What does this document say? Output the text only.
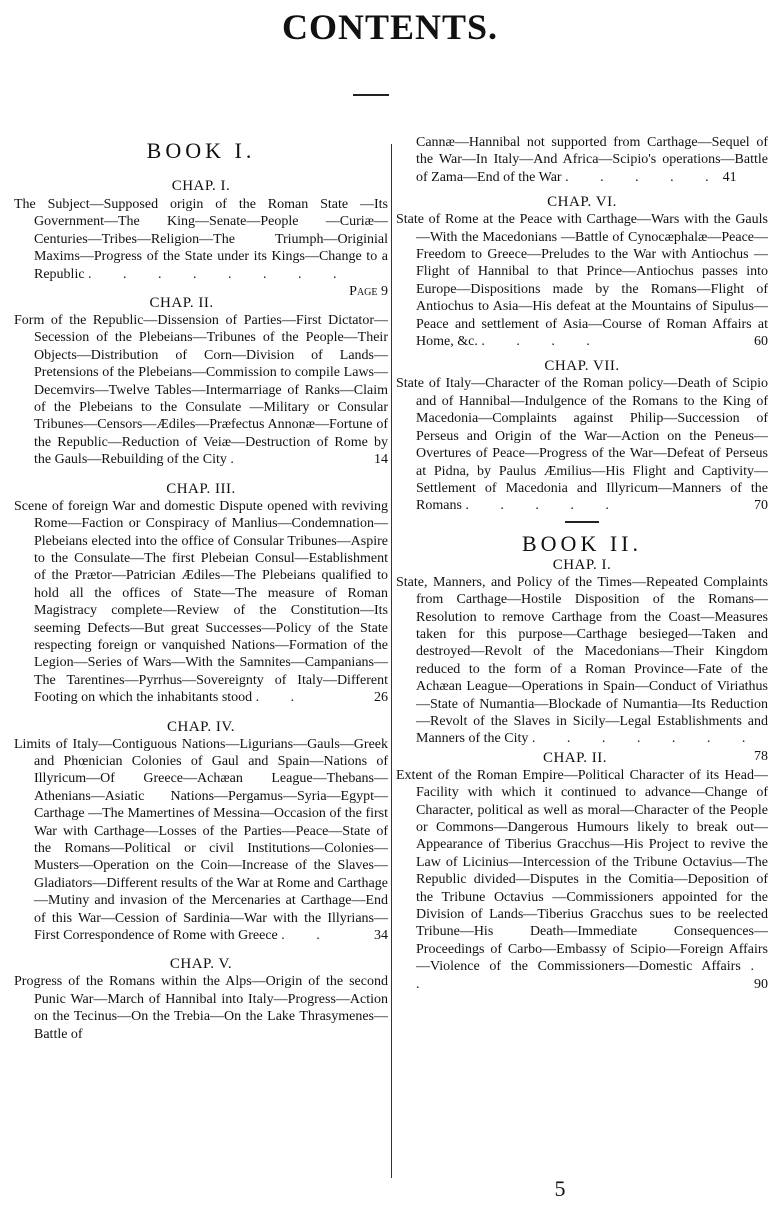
CONTENTS.
BOOK I.
CHAP. I.

The Subject—Supposed origin of the Roman State —Its Government—The King—Senate—People —Curiæ—Centuries—Tribes—Religion—The Triumph—Originial Maxims—Progress of the State under its Kings—Change to a Republic . . . . . . . .
Page 9

CHAP. II.

Form of the Republic—Dissension of Parties—First Dictator—Secession of the Plebeians—Tribunes of the People—Their Objects—Distribution of Corn—Division of Lands—Pretensions of the Plebeians—Commission to compile Laws—Decemvirs—Twelve Tables—Intermarriage of Ranks—Claim of the Plebeians to the Consulate —Military or Consular Tribunes—Censors—Ædiles—Præfectus Annonæ—Fortune of the Republic—Reduction of Veiæ—Destruction of Rome by the Gauls—Rebuilding of the City .	14

CHAP. III.

Scene of foreign War and domestic Dispute opened with reviving Rome—Faction or Conspiracy of Manlius—Condemnation—Plebeians elected into the office of Consular Tribunes—Aspire to the Consulate—The first Plebeian Consul—Establishment of the Prætor—Patrician Ædiles—The Plebeians qualified to hold all the offices of State—The measure of Roman Magistracy complete—Review of the Constitution—Its seeming Defects—But great Successes—Policy of the State respecting foreign or vanquished Nations—Formation of the Legion—Series of Wars—With the Samnites—Campanians—The Tarentines—Pyrrhus—Sovereignty of Italy—Different Footing on which the inhabitants stood . .	26

CHAP. IV.

Limits of Italy—Contiguous Nations—Ligurians—Gauls—Greek and Phœnician Colonies of Gaul and Spain—Nations of Illyricum—Of Greece—Achæan League—Thebans—Athenians—Asiatic Nations—Pergamus—Syria—Egypt—Carthage —The Mamertines of Messina—Occasion of the first War with Carthage—Losses of the Parties—Peace—State of the Romans—Political or civil Institutions—Colonies—Musters—Operation on the Coin—Increase of the Slaves—Gladiators—Different results of the War at Rome and Carthage—Mutiny and invasion of the Mercenaries at Carthage—End of this War—Cession of Sardinia—War with the Illyrians—First Correspondence of Rome with Greece . .	34

CHAP. V.

Progress of the Romans within the Alps—Origin of the second Punic War—March of Hannibal into Italy—Progress—Action on the Tecinus—On the Trebia—On the Lake Thrasymenes—Battle of

Cannæ—Hannibal not supported from Carthage—Sequel of the War—In Italy—And Africa—Scipio's operations—Battle of Zama—End of the War . . . . .41

CHAP. VI.

State of Rome at the Peace with Carthage—Wars with the Gauls—With the Macedonians —Battle of Cynocæphalæ—Peace—Freedom to Greece—Preludes to the War with Antiochus —Flight of Hannibal to that Prince—Antiochus passes into Europe—Dispositions made by the Romans—Flight of Antiochus to Asia—His defeat at the Mountains of Sipulus—Peace and settlement of Asia—Course of Roman Affairs at Home, &c. . . . .	60

CHAP. VII.

State of Italy—Character of the Roman policy—Death of Scipio and of Hannibal—Indulgence of the Romans to the King of Macedonia—Complaints against Philip—Succession of Perseus and Origin of the War—Action on the Peneus—Overtures of Peace—Progress of the War—Defeat of Perseus at Pidna, by Paulus Æmilius—His Flight and Captivity—Settlement of Macedonia and Illyricum—Manners of the Romans . . . . .	70

BOOK II.
CHAP. I.

State, Manners, and Policy of the Times—Repeated Complaints from Carthage—Hostile Disposition of the Romans—Resolution to remove Carthage from the Coast—Measures taken for this purpose—Carthage besieged—Taken and destroyed—Revolt of the Macedonians—Their Kingdom reduced to the form of a Roman Province—Fate of the Achæan League—Operations in Spain—Conduct of Viriathus—State of Numantia—Blockade of Numantia—Its Reduction—Revolt of the Slaves in Sicily—Legal Establishments and Manners of the City . . . . . . .
78

CHAP. II.

Extent of the Roman Empire—Political Character of its Head—Facility with which it continued to advance—Change of Character, political as well as moral—Character of the People or Commons—Dangerous Humours likely to break out—Appearance of Tiberius Gracchus—His Project to revive the Law of Licinius—Intercession of the Tribune Octavius—The Republic divided—Disputes in the Comitia—Deposition of the Tribune Octavius —Commissioners appointed for the Division of Lands—Tiberius Gracchus sues to be reelected Tribune—His Death—Immediate Consequences—Proceedings of Carbo—Embassy of Scipio—Foreign Affairs—Violence of the Commissioners—Domestic Affairs . .	90

5
